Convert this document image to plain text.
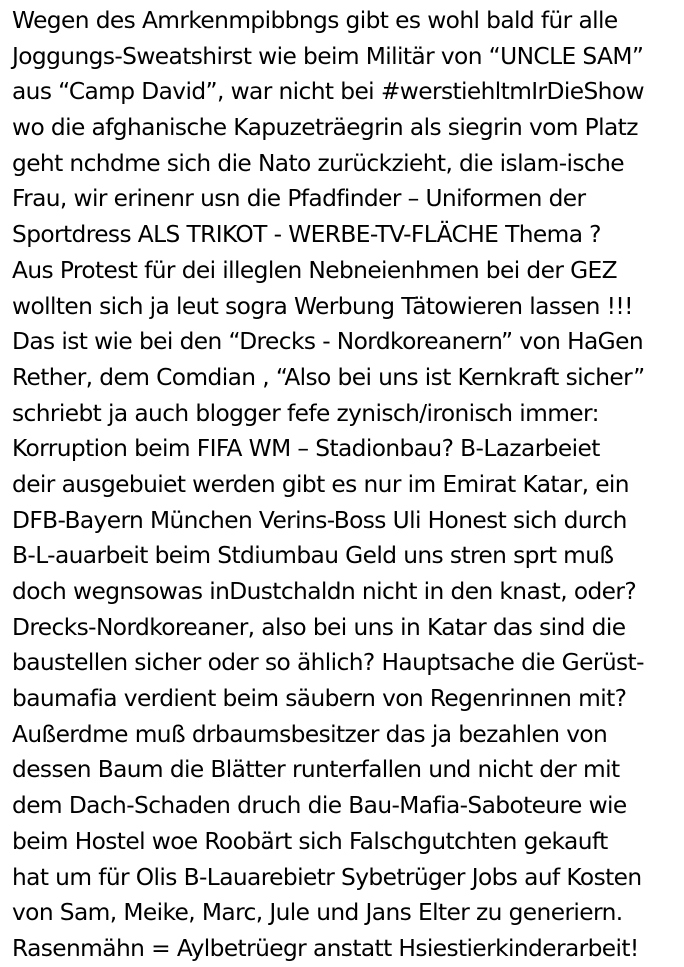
Wegen des Amrkenmpibbngs gibt es wohl bald für alle
Joggungs-Sweatshirst wie beim Militär von “UNCLE SAM”
aus “Camp David”, war nicht bei #werstiehltmIrDieShow
wo die afghanische Kapuzeträegrin als siegrin vom Platz
geht nchdme sich die Nato zurückzieht, die islam-ische
Frau, wir erinenr usn die Pfadfinder – Uniformen der
Sportdress ALS TRIKOT - WERBE-TV-FLÄCHE Thema ?
Aus Protest für dei illeglen Nebneienhmen bei der GEZ
wollten sich ja leut sogra Werbung Tätowieren lassen !!!
Das ist wie bei den “Drecks - Nordkoreanern” von HaGen
Rether, dem Comdian , “Also bei uns ist Kernkraft sicher”
schriebt ja auch blogger fefe zynisch/ironisch immer:
Korruption beim FIFA WM – Stadionbau? B-Lazarbeiet
deir ausgebuiet werden gibt es nur im Emirat Katar, ein
DFB-Bayern München Verins-Boss Uli Honest sich durch
B-L-auarbeit beim Stdiumbau Geld uns stren sprt muß
doch wegnsowas inDustchaldn nicht in den knast, oder?
Drecks-Nordkoreaner, also bei uns in Katar das sind die
baustellen sicher oder so ählich? Hauptsache die Gerüst-
baumafia verdient beim säubern von Regenrinnen mit?
Außerdme muß drbaumsbesitzer das ja bezahlen von
dessen Baum die Blätter runterfallen und nicht der mit
dem Dach-Schaden druch die Bau-Mafia-Saboteure wie
beim Hostel woe Roobärt sich Falschgutchten gekauft
hat um für Olis B-Lauarebietr Sybetrüger Jobs auf Kosten
von Sam, Meike, Marc, Jule und Jans Elter zu generiern.
Rasenmähn = Aylbetrüegr anstatt Hsiestierkinderarbeit!
